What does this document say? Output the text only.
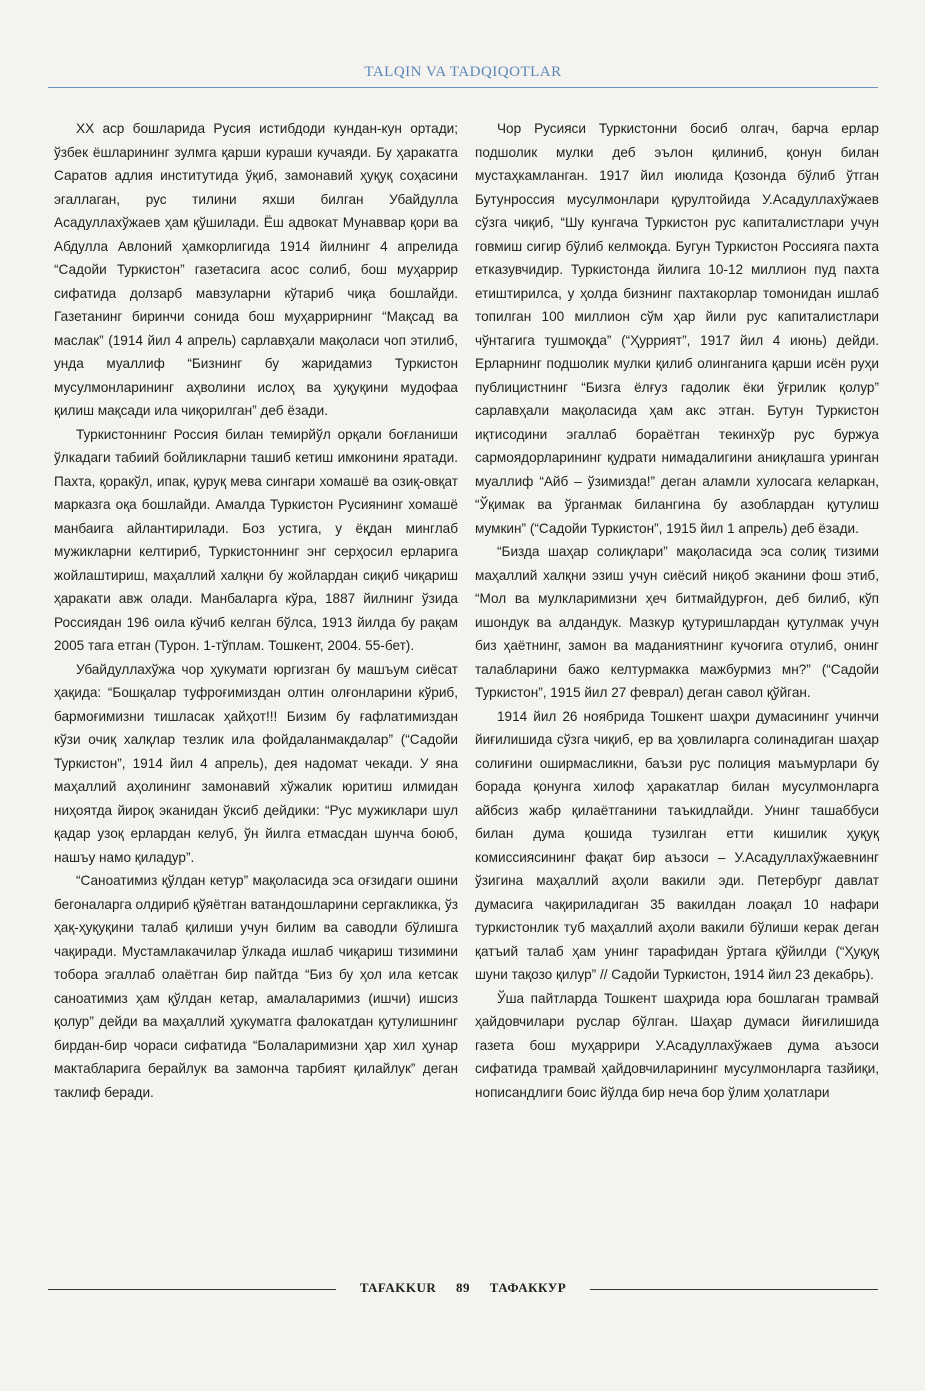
TALQIN VA TADQIQOTLAR

XX аср бошларида Русия истибдоди кундан-кун ортади; ўзбек ёшларининг зулмга қарши кураши кучаяди. Бу ҳаракатга Саратов адлия институтида ўқиб, замонавий ҳуқуқ соҳасини эгаллаган, рус тилини яхши билган Убайдулла Асадуллахўжаев ҳам қўшилади. Ёш адвокат Мунаввар қори ва Абдулла Авлоний ҳамкорлигида 1914 йилнинг 4 апрелида “Садойи Туркистон” газетасига асос солиб, бош муҳаррир сифатида долзарб мавзуларни кўтариб чиқа бошлайди. Газетанинг биринчи сонида бош муҳаррирнинг “Мақсад ва маслак” (1914 йил 4 апрель) сарлавҳали мақоласи чоп этилиб, унда муаллиф “Бизнинг бу жаридамиз Туркистон мусулмонларининг аҳволини ислоҳ ва ҳуқуқини мудофаа қилиш мақсади ила чиқорилган” деб ёзади.

Туркистоннинг Россия билан темирйўл орқали боғланиши ўлкадаги табиий бойликларни ташиб кетиш имконини яратади. Пахта, қоракўл, ипак, қуруқ мева сингари хомашё ва озиқ-овқат марказга оқа бошлайди. Амалда Туркистон Русиянинг хомашё манбаига айлантирилади. Боз устига, у ёқдан минглаб мужикларни келтириб, Туркистоннинг энг серҳосил ерларига жойлаштириш, маҳаллий халқни бу жойлардан сиқиб чиқариш ҳаракати авж олади. Манбаларга кўра, 1887 йилнинг ўзида Россиядан 196 оила кўчиб келган бўлса, 1913 йилда бу рақам 2005 тага етган (Турон. 1-тўплам. Тошкент, 2004. 55-бет).

Убайдуллахўжа чор ҳукумати юргизган бу машъум сиёсат ҳақида: “Бошқалар туфроғимиздан олтин олғонларини кўриб, бармоғимизни тишласак ҳайҳот!!! Бизим бу ғафлатимиздан кўзи очиқ халқлар тезлик ила фойдаланмакдалар” (“Садойи Туркистон”, 1914 йил 4 апрель), дея надомат чекади. У яна маҳаллий аҳолининг замонавий хўжалик юритиш илмидан ниҳоятда йироқ эканидан ўксиб дейдики: “Рус мужиклари шул қадар узоқ ерлардан келуб, ўн йилга етмасдан шунча боюб, нашъу намо қиладур”.

“Саноатимиз қўлдан кетур” мақоласида эса оғзидаги ошини бегоналарга олдириб қўяётган ватандошларини сергакликка, ўз ҳақ-ҳуқуқини талаб қилиши учун билим ва саводли бўлишга чақиради. Мустамлакачилар ўлкада ишлаб чиқариш тизимини тобора эгаллаб олаётган бир пайтда “Биз бу ҳол ила кетсак саноатимиз ҳам қўлдан кетар, амалаларимиз (ишчи) ишсиз қолур” дейди ва маҳаллий ҳукуматга фалокатдан қутулишнинг бирдан-бир чораси сифатида “Болаларимизни ҳар хил ҳунар мактабларига берайлук ва замонча тарбият қилайлук” деган таклиф беради.

Чор Русияси Туркистонни босиб олгач, барча ерлар подшолик мулки деб эълон қилиниб, қонун билан мустаҳкамланган. 1917 йил июлида Қозонда бўлиб ўтган Бутунроссия мусулмонлари қурултойида У.Асадуллахўжаев сўзга чиқиб, “Шу кунгача Туркистон рус капиталистлари учун говмиш сигир бўлиб келмоқда. Бугун Туркистон Россияга пахта етказувчидир. Туркистонда йилига 10-12 миллион пуд пахта етиштирилса, у ҳолда бизнинг пахтакорлар томонидан ишлаб топилган 100 миллион сўм ҳар йили рус капиталистлари чўнтагига тушмоқда” (“Ҳуррият”, 1917 йил 4 июнь) дейди. Ерларнинг подшолик мулки қилиб олинганига қарши исён руҳи публицистнинг “Бизга ёлғуз гадолик ёки ўғрилик қолур” сарлавҳали мақоласида ҳам акс этган. Бутун Туркистон иқтисодини эгаллаб бораётган текинхўр рус буржуа сармоядорларининг қудрати нимадалигини аниқлашга уринган муаллиф “Айб – ўзимизда!” деган аламли хулосага келаркан, “Ўқимак ва ўрганмак билангина бу азоблардан қутулиш мумкин” (“Садойи Туркистон”, 1915 йил 1 апрель) деб ёзади.

“Бизда шаҳар солиқлари” мақоласида эса солиқ тизими маҳаллий халқни эзиш учун сиёсий ниқоб эканини фош этиб, “Мол ва мулкларимизни ҳеч битмайдурғон, деб билиб, кўп ишондук ва алдандук. Мазкур қутуришлардан қутулмак учун биз ҳаётнинг, замон ва маданиятнинг кучоғига отулиб, онинг талабларини бажо келтурмакка мажбурмиз мн?” (“Садойи Туркистон”, 1915 йил 27 феврал) деган савол қўйган.

1914 йил 26 ноябрида Тошкент шаҳри думасининг учинчи йиғилишида сўзга чиқиб, ер ва ҳовлиларга солинадиган шаҳар солиғини оширмасликни, баъзи рус полиция маъмурлари бу борада қонунга хилоф ҳаракатлар билан мусулмонларга айбсиз жабр қилаётганини таъкидлайди. Унинг ташаббуси билан дума қошида тузилган етти кишилик ҳуқуқ комиссиясининг фақат бир аъзоси – У.Асадуллахўжаевнинг ўзигина маҳаллий аҳоли вакили эди. Петербург давлат думасига чақириладиган 35 вакилдан лоақал 10 нафари туркистонлик туб маҳаллий аҳоли вакили бўлиши керак деган қатъий талаб ҳам унинг тарафидан ўртага қўйилди (“Ҳуқуқ шуни тақозо қилур” // Садойи Туркистон, 1914 йил 23 декабрь).

Ўша пайтларда Тошкент шаҳрида юра бошлаган трамвай ҳайдовчилари руслар бўлган. Шаҳар думаси йиғилишида газета бош муҳаррири У.Асадуллахўжаев дума аъзоси сифатида трамвай ҳайдовчиларининг мусулмонларга тазйиқи, нописандлиги боис йўлда бир неча бор ўлим ҳолатлари

TAFAKKUR 89 ТАФАККУР
